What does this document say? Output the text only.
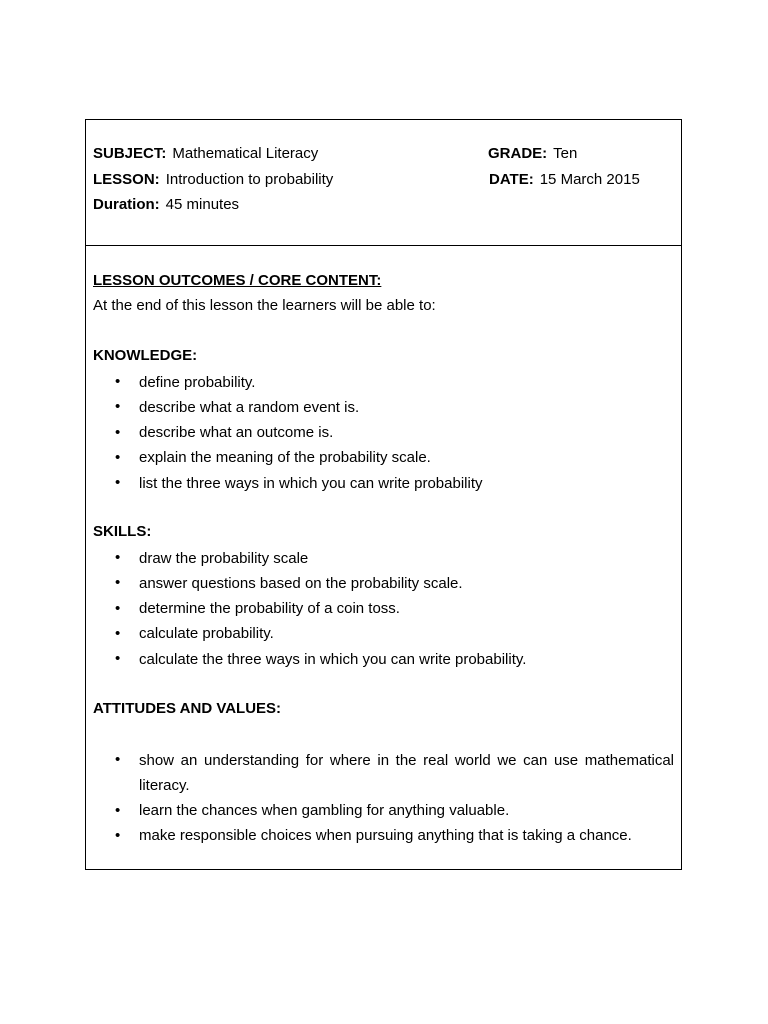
SUBJECT: Mathematical Literacy	GRADE: Ten
LESSON: Introduction to probability	DATE: 15 March 2015
Duration: 45 minutes
LESSON OUTCOMES / CORE CONTENT:
At the end of this lesson the learners will be able to:
KNOWLEDGE:
• define probability.
• describe what a random event is.
• describe what an outcome is.
• explain the meaning of the probability scale.
• list the three ways in which you can write probability
SKILLS:
• draw the probability scale
• answer questions based on the probability scale.
• determine the probability of a coin toss.
• calculate probability.
• calculate the three ways in which you can write probability.
ATTITUDES AND VALUES:
• show an understanding for where in the real world we can use mathematical literacy.
• learn the chances when gambling for anything valuable.
• make responsible choices when pursuing anything that is taking a chance.
